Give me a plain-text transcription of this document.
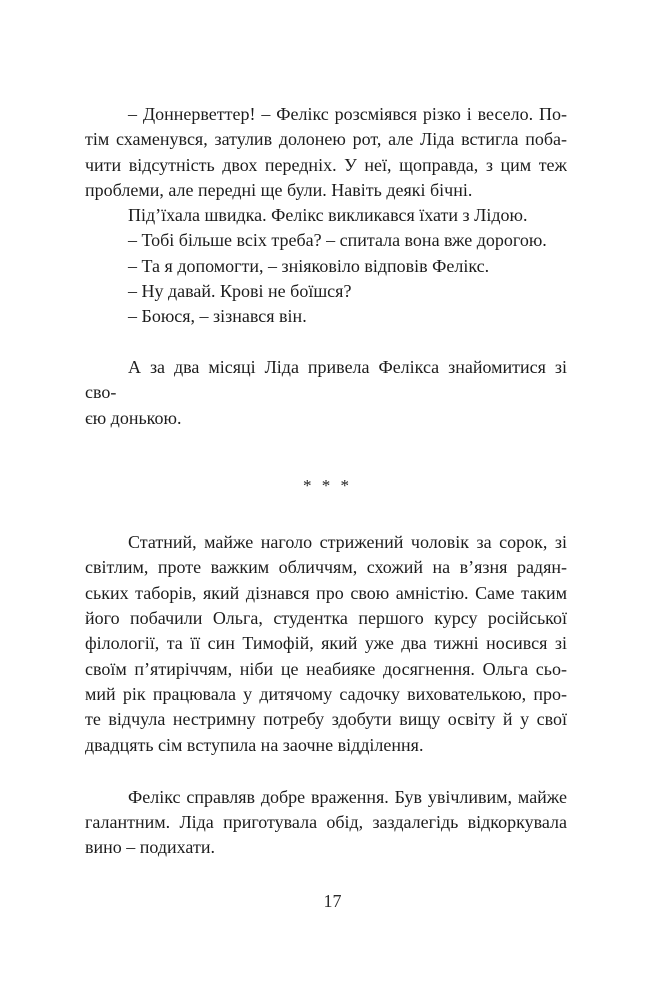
– Доннерветтер! – Фелікс розсміявся різко і весело. По-
тім схаменувся, затулив долонею рот, але Ліда встигла поба-
чити відсутність двох передніх. У неї, щоправда, з цим теж
проблеми, але передні ще були. Навіть деякі бічні.
Під’їхала швидка. Фелікс викликався їхати з Лідою.
– Тобі більше всіх треба? – спитала вона вже дорогою.
– Та я допомогти, – зніяковіло відповів Фелікс.
– Ну давай. Крові не боїшся?
– Боюся, – зізнався він.
А за два місяці Ліда привела Фелікса знайомитися зі сво-
єю донькою.
* * *
Статний, майже наголо стрижений чоловік за сорок, зі
світлим, проте важким обличчям, схожий на в’язня радян-
ських таборів, який дізнався про свою амністію. Саме таким
його побачили Ольга, студентка першого курсу російської
філології, та її син Тимофій, який уже два тижні носився зі
своїм п’ятиріччям, ніби це неабияке досягнення. Ольга сьо-
мий рік працювала у дитячому садочку вихователькою, про-
те відчула нестримну потребу здобути вищу освіту й у свої
двадцять сім вступила на заочне відділення.
Фелікс справляв добре враження. Був увічливим, майже
галантним. Ліда приготувала обід, заздалегідь відкоркувала
вино – подихати.
17
